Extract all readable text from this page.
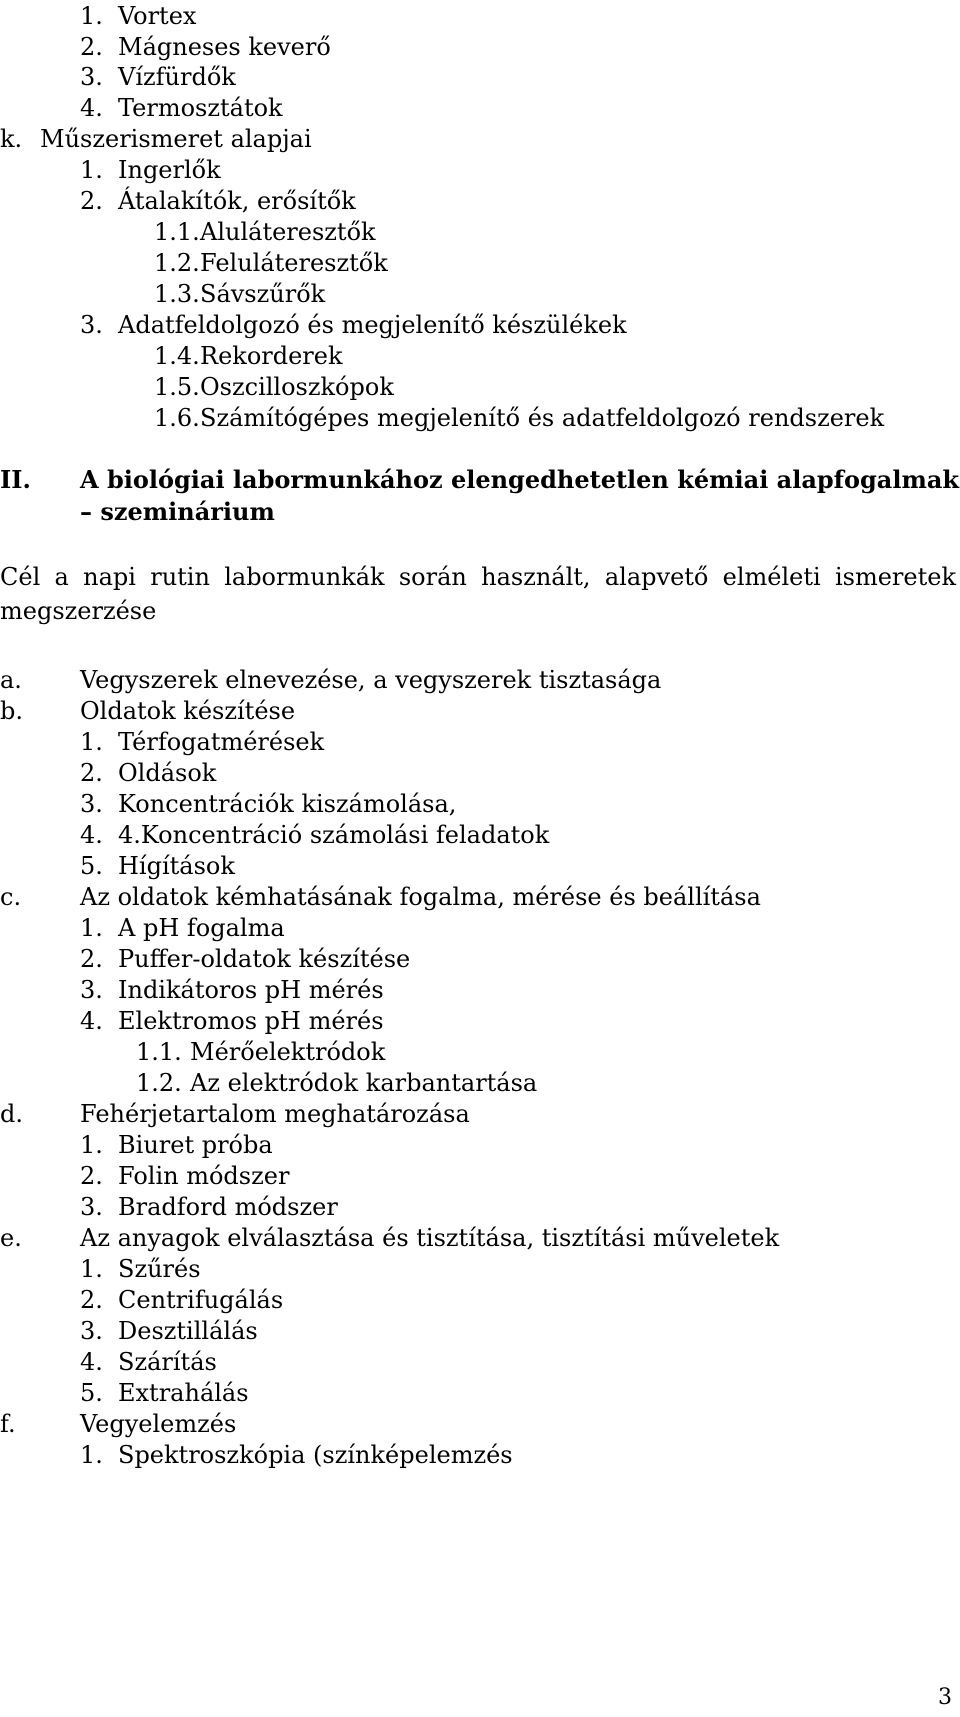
1. Vortex
2. Mágneses keverő
3. Vízfürdők
4. Termosztátok
k. Műszerismeret alapjai
1. Ingerlők
2. Átalakítók, erősítők
1.1. Aluláteresztők
1.2. Feluláteresztők
1.3. Sávszűrők
3. Adatfeldolgozó és megjelenítő készülékek
1.4. Rekorderek
1.5. Oszcilloszkópok
1.6. Számítógépes megjelenítő és adatfeldolgozó rendszerek
II. A biológiai labormunkához elengedhetetlen kémiai alapfogalmak
– szeminárium
Cél a napi rutin labormunkák során használt, alapvető elméleti ismeretek megszerzése
a. Vegyszerek elnevezése, a vegyszerek tisztasága
b. Oldatok készítése
1. Térfogatmérések
2. Oldások
3. Koncentrációk kiszámolása,
4. 4.Koncentráció számolási feladatok
5. Hígítások
c. Az oldatok kémhatásának fogalma, mérése és beállítása
1. A pH fogalma
2. Puffer-oldatok készítése
3. Indikátoros pH mérés
4. Elektromos pH mérés
1.1. Mérőelektródok
1.2. Az elektródok karbantartása
d. Fehérjetartalom meghatározása
1. Biuret próba
2. Folin módszer
3. Bradford módszer
e. Az anyagok elválasztása és tisztítása, tisztítási műveletek
1. Szűrés
2. Centrifugálás
3. Desztillálás
4. Szárítás
5. Extrahálás
f.	Vegyelemzés
1. Spektroszkópia (színképelemzés
3
